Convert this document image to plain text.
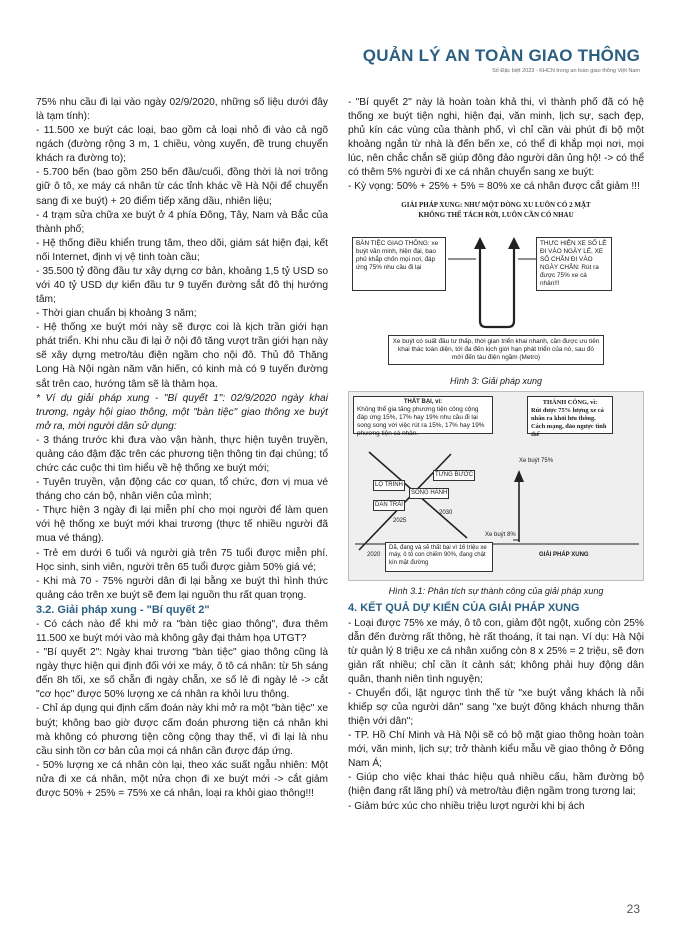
QUẢN LÝ AN TOÀN GIAO THÔNG
Số Đặc biệt 2023 - KHCN trong an toàn giao thông Việt Nam

75% nhu cầu đi lại vào ngày 02/9/2020, những số liệu dưới đây là tạm tính):

- 11.500 xe buýt các loại, bao gồm cả loại nhỏ đi vào cả ngõ ngách (đường rộng 3 m, 1 chiều, vòng xuyến, đề trung chuyển khách ra đường to);

- 5.700 bến (bao gồm 250 bến đầu/cuối, đồng thời là nơi trông giữ ô tô, xe máy cá nhân từ các tỉnh khác về Hà Nội để chuyển sang đi xe buýt) + 20 điểm tiếp xăng dầu, nhiên liệu;

- 4 trạm sửa chữa xe buýt ở 4 phía Đông, Tây, Nam và Bắc của thành phố;

- Hệ thống điều khiển trung tâm, theo dõi, giám sát hiện đại, kết nối Internet, định vị vệ tinh toàn cầu;

- 35.500 tỷ đồng đầu tư xây dựng cơ bản, khoảng 1,5 tỷ USD so với 40 tỷ USD dự kiến đầu tư 9 tuyến đường sắt đô thị hướng tâm;

- Thời gian chuẩn bị khoảng 3 năm;

- Hệ thống xe buýt mới này sẽ được coi là kịch trần giới hạn phát triển. Khi nhu cầu đi lại ở nội đô tăng vượt trần giới hạn này sẽ xây dựng metro/tàu điện ngầm cho nội đô. Thủ đô Thăng Long Hà Nội ngàn năm văn hiến, có kinh mà có 9 tuyến đường sắt trên cao, hướng tâm sẽ là thảm họa.

* Ví dụ giải pháp xung - "Bí quyết 1": 02/9/2020 ngày khai trương, ngày hội giao thông, một "bàn tiệc" giao thông xe buýt mở ra, mời người dân sử dụng:

- 3 tháng trước khi đưa vào vận hành, thực hiện tuyên truyền, quảng cáo đậm đặc trên các phương tiện thông tin đại chúng; tổ chức các cuộc thi tìm hiểu về hệ thống xe buýt mới;

- Tuyên truyền, vận động các cơ quan, tổ chức, đơn vị mua vé tháng cho cán bộ, nhân viên của mình;

- Thực hiện 3 ngày đi lại miễn phí cho mọi người để làm quen với hệ thống xe buýt mới khai trương (thực tế nhiều người đã mua vé tháng).

- Trẻ em dưới 6 tuổi và người già trên 75 tuổi được miễn phí. Học sinh, sinh viên, người trên 65 tuổi được giảm 50% giá vé;

- Khi mà 70 - 75% người dân đi lại bằng xe buýt thì hình thức quảng cáo trên xe buýt sẽ đem lại nguồn thu rất quan trọng.

3.2. Giải pháp xung - "Bí quyết 2"

- Có cách nào để khi mở ra "bàn tiệc giao thông", đưa thêm 11.500 xe buýt mới vào mà không gây đại thảm họa UTGT?

- "Bí quyết 2": Ngày khai trương "bàn tiệc" giao thông cũng là ngày thực hiện qui định đối với xe máy, ô tô cá nhân: từ 5h sáng đến 8h tối, xe số chẵn đi ngày chẵn, xe số lẻ đi ngày lẻ -> cắt "cơ học" được 50% lượng xe cá nhân ra khỏi lưu thông.

- Chỉ áp dụng qui định cấm đoán này khi mở ra một "bàn tiệc" xe buýt; không bao giờ được cấm đoán phương tiện cá nhân khi mà không có phương tiện công cộng thay thế, vì đi lại là nhu cầu sinh tồn cơ bản của mọi cá nhân cần được đáp ứng.

- 50% lượng xe cá nhân còn lại, theo xác suất ngẫu nhiên: Một nửa đi xe cá nhân, một nửa chọn đi xe buýt mới -> cắt giảm được 50% + 25% = 75% xe cá nhân, loại ra khỏi giao thông!!!

- "Bí quyết 2" này là hoàn toàn khả thi, vì thành phố đã có hệ thống xe buýt tiện nghi, hiện đại, văn minh, lịch sự, sạch đẹp, phủ kín các vùng của thành phố, vì chỉ cần vài phút đi bộ một khoảng ngắn từ nhà là đến bến xe, có thể đi khắp mọi nơi, mọi lúc, nên chắc chắn sẽ giúp đông đảo người dân ủng hộ! -> có thể có thêm 5% người đi xe cá nhân chuyển sang xe buýt:

- Kỳ vọng: 50% + 25% + 5% = 80% xe cá nhân được cắt giảm !!!

GIẢI PHÁP XUNG: NHƯ MỘT DÒNG XU LUÔN CÓ 2 MẶT
KHÔNG THỂ TÁCH RỜI, LUÔN CẦN CÓ NHAU
BÀN TIỆC GIAO THÔNG: xe buýt văn minh, hiện đại, bao phủ khắp chốn mọi nơi, đáp ứng 75% nhu cầu đi lại
THỰC HIỆN XE SỐ LẺ ĐI VÀO NGÀY LẺ, XE SỐ CHẴN ĐI VÀO NGÀY CHẴN: Rút ra được 75% xe cá nhân!!!
Xe buýt có suất đầu tư thấp, thời gian triển khai nhanh, cần được ưu tiên khai thác toàn diện, tới đa đến kịch giới hạn phát triển của nó, sau đó mới đến tàu điện ngầm (Metro)
Hình 3: Giải pháp xung
THẤT BẠI, vì:
Không thể gia tăng phương tiện công cộng đáp ứng 15%, 17% hay 19% nhu cầu đi lại song song với việc rút ra 15%, 17% hay 19% phương tiện cá nhân.
THÀNH CÔNG, vì:
Rút được 75% lượng xe cá nhân ra khỏi lưu thông. Cách mạng, đảo ngược tình thế
Xe buýt 75%
Xe buýt 8%
GIẢI PHÁP XUNG
LỘ TRÌNH
DÀN TRẢI
SONG HÀNH
TỪNG BƯỚC
2020
2025
2030
Dã, đang và sẽ thất bại vì 16 triệu xe máy, ô tô con chiếm 90%, đang chật kín mặt đường
Hình 3.1: Phân tích sự thành công của giải pháp xung

4. KẾT QUẢ DỰ KIẾN CỦA GIẢI PHÁP XUNG

- Loại được 75% xe máy, ô tô con, giảm đột ngột, xuống còn 25% dẫn đến đường rất thông, hè rất thoáng, ít tai nạn. Ví dụ: Hà Nội từ quản lý 8 triệu xe cá nhân xuống còn 8 x 25% = 2 triệu, sẽ đơn giản rất nhiều; chỉ cần ít cảnh sát; không phải huy động dân quân, thanh niên tình nguyện;

- Chuyển đổi, lật ngược tình thế từ "xe buýt vắng khách là nỗi khiếp sợ của người dân" sang "xe buýt đông khách nhưng thân thiện với dân";

- TP. Hồ Chí Minh và Hà Nội sẽ có bộ mặt giao thông hoàn toàn mới, văn minh, lịch sự; trở thành kiểu mẫu về giao thông ở Đông Nam Á;

- Giúp cho việc khai thác hiệu quả nhiều cấu, hầm đường bộ (hiện đang rất lãng phí) và metro/tàu điện ngầm trong tương lai;

- Giảm bức xúc cho nhiều triệu lượt người khi bị ách

23
